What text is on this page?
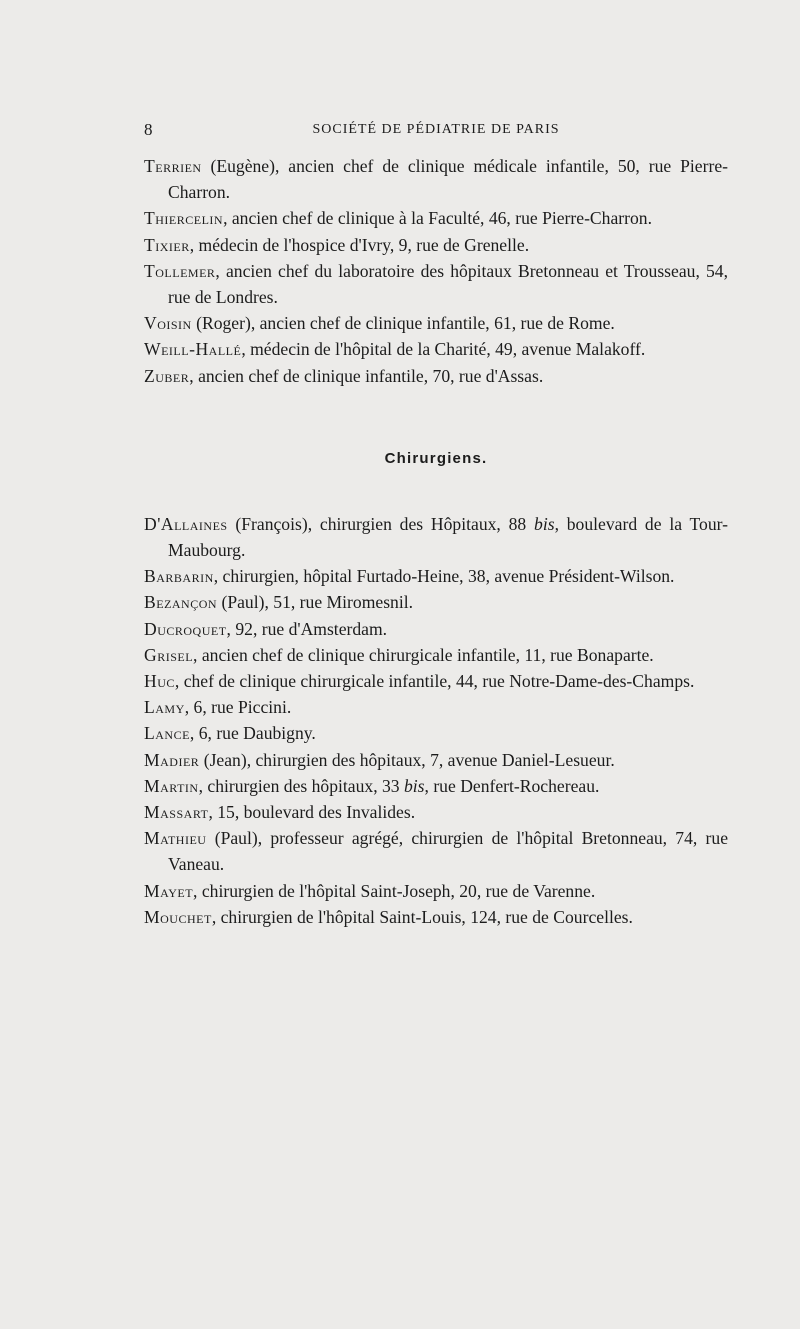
8	SOCIÉTÉ DE PÉDIATRIE DE PARIS

Terrien (Eugène), ancien chef de clinique médicale infantile, 50, rue Pierre-Charron.

Thiercelin, ancien chef de clinique à la Faculté, 46, rue Pierre-Charron.

Tixier, médecin de l'hospice d'Ivry, 9, rue de Grenelle.

Tollemer, ancien chef du laboratoire des hôpitaux Bretonneau et Trousseau, 54, rue de Londres.

Voisin (Roger), ancien chef de clinique infantile, 61, rue de Rome.

Weill-Hallé, médecin de l'hôpital de la Charité, 49, avenue Malakoff.

Zuber, ancien chef de clinique infantile, 70, rue d'Assas.

Chirurgiens.

D'Allaines (François), chirurgien des Hôpitaux, 88 bis, boulevard de la Tour-Maubourg.

Barbarin, chirurgien, hôpital Furtado-Heine, 38, avenue Président-Wilson.

Bezançon (Paul), 51, rue Miromesnil.

Ducroquet, 92, rue d'Amsterdam.

Grisel, ancien chef de clinique chirurgicale infantile, 11, rue Bonaparte.

Huc, chef de clinique chirurgicale infantile, 44, rue Notre-Dame-des-Champs.

Lamy, 6, rue Piccini.

Lance, 6, rue Daubigny.

Madier (Jean), chirurgien des hôpitaux, 7, avenue Daniel-Lesueur.

Martin, chirurgien des hôpitaux, 33 bis, rue Denfert-Rochereau.

Massart, 15, boulevard des Invalides.

Mathieu (Paul), professeur agrégé, chirurgien de l'hôpital Bretonneau, 74, rue Vaneau.

Mayet, chirurgien de l'hôpital Saint-Joseph, 20, rue de Varenne.

Mouchet, chirurgien de l'hôpital Saint-Louis, 124, rue de Courcelles.
